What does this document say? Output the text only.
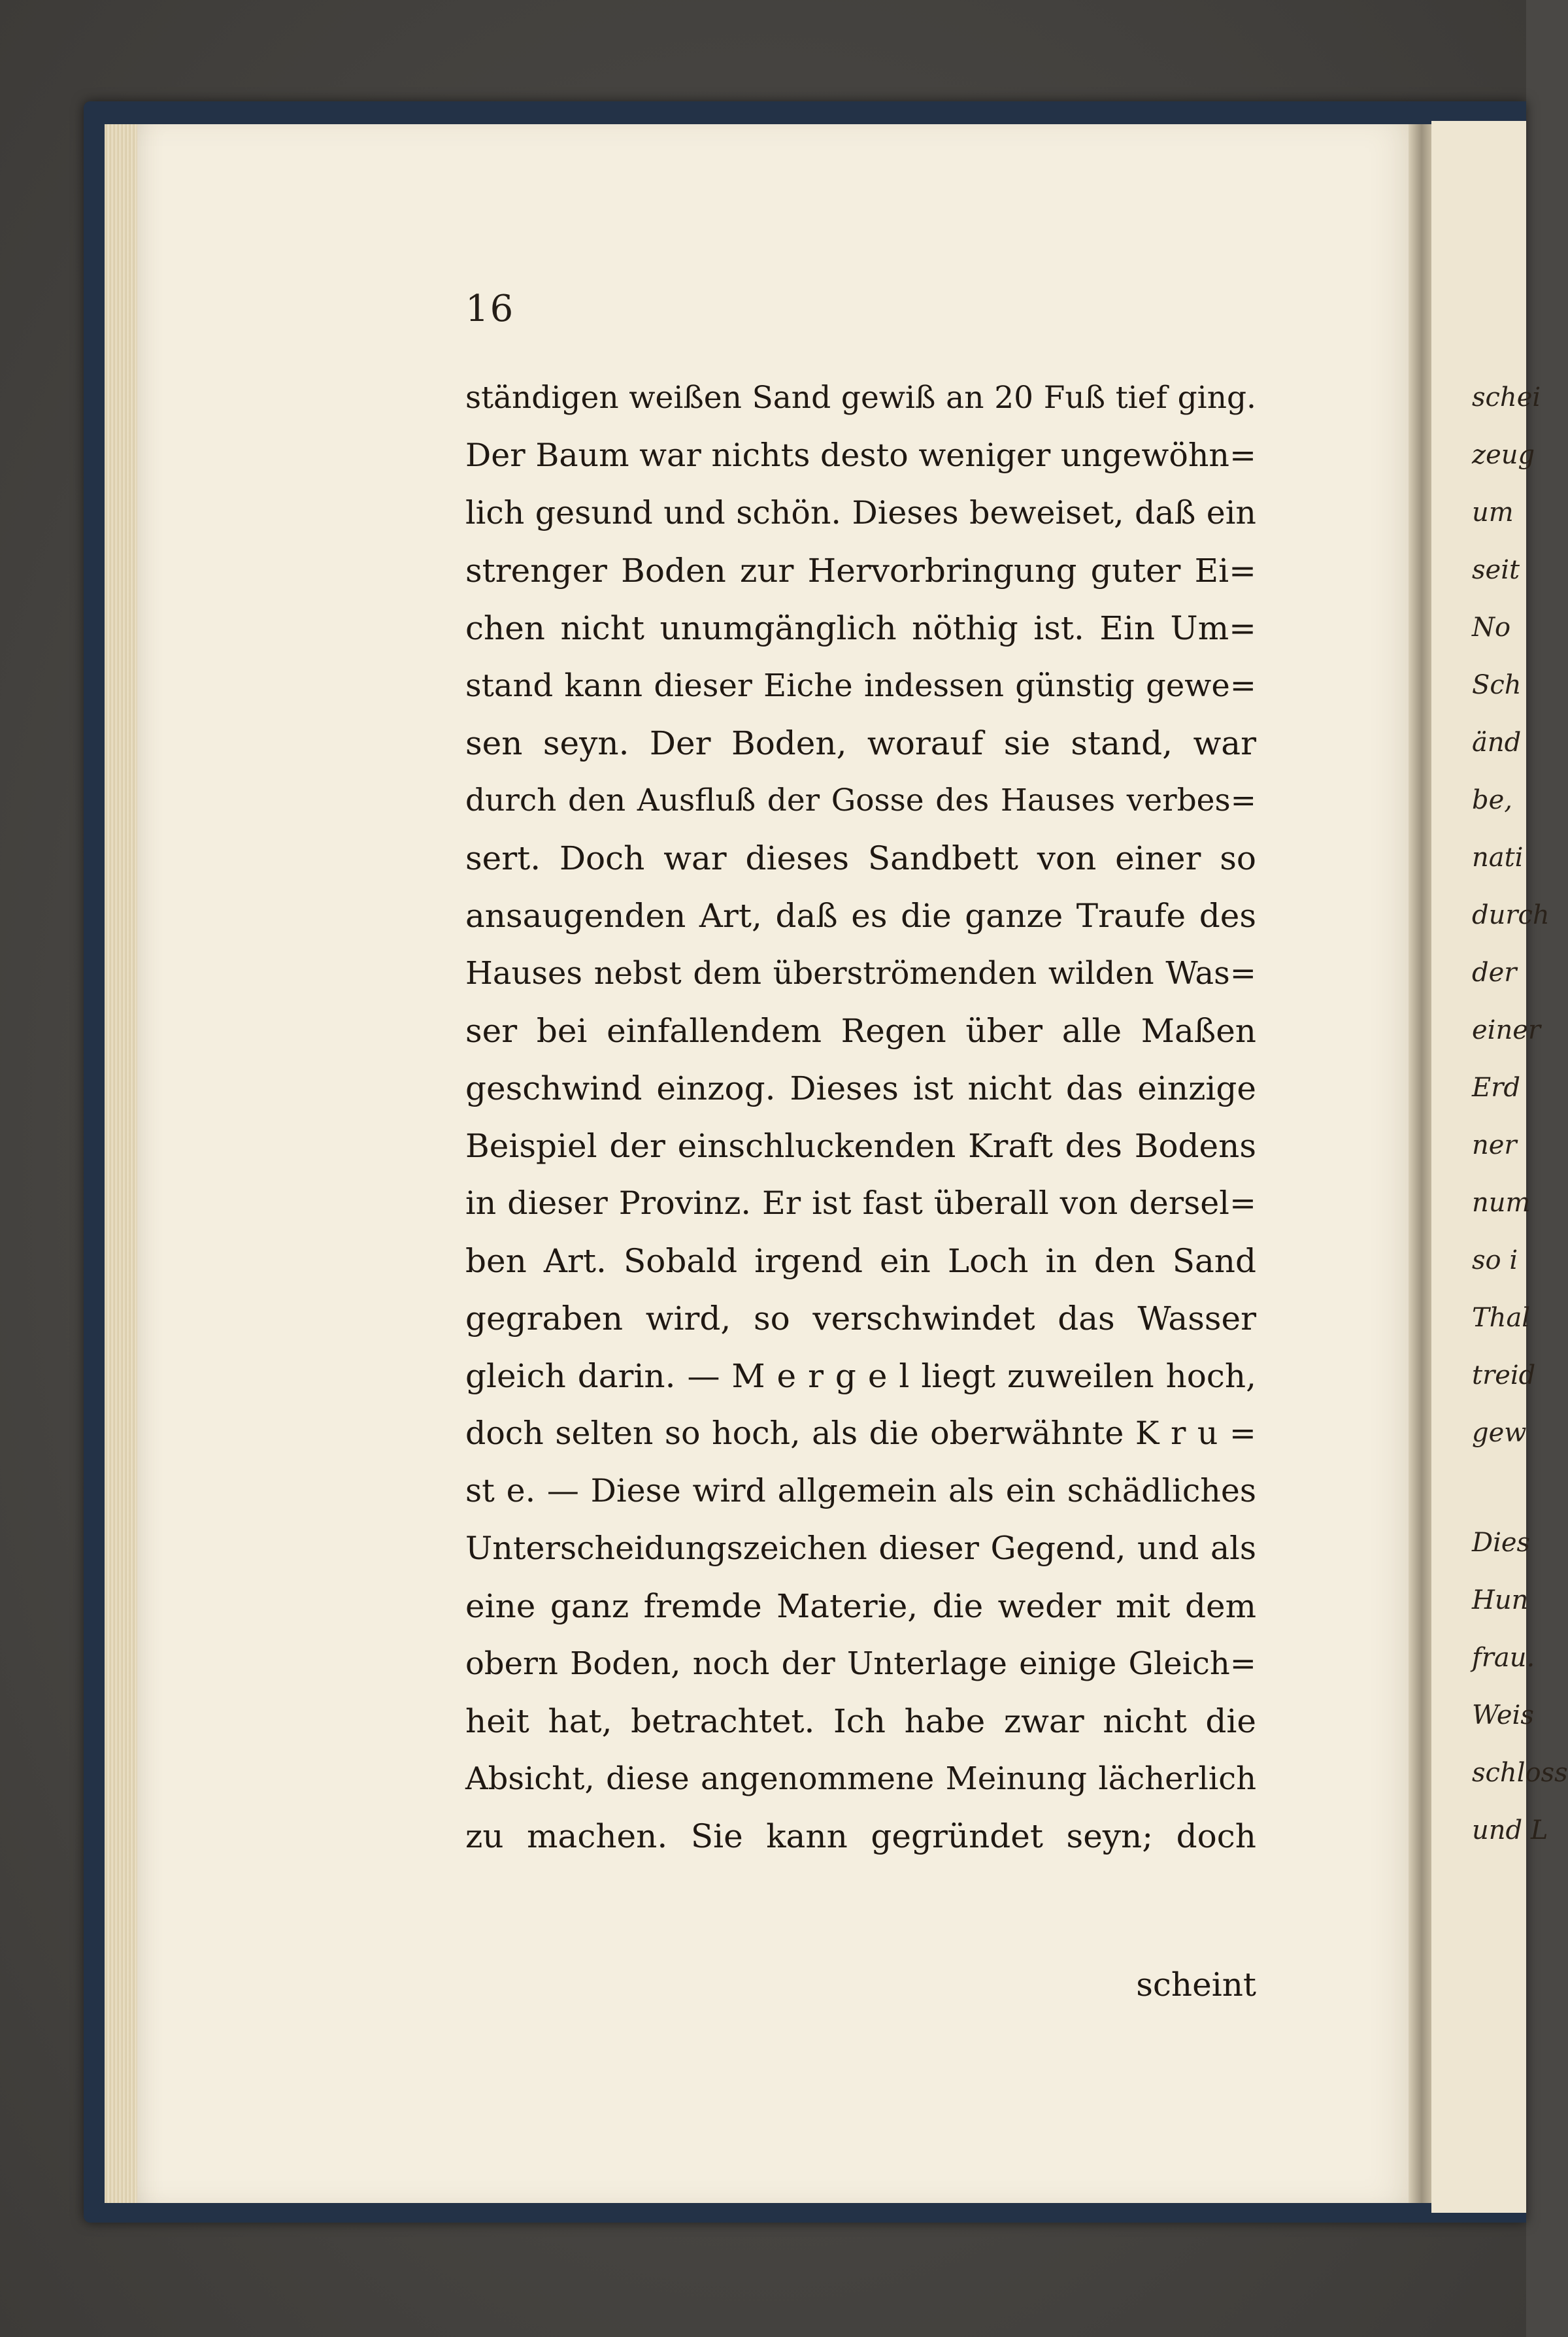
schei
zeug
um
seit
No
Sch
änd
be,
nati
durch
der
einer
Erd
ner
num
so i
Thal
treid
gew
Dies
Hun
frau.
Weis
schloss
und L
16
ständigen weißen Sand gewiß an 20 Fuß tief ging.
Der Baum war nichts desto weniger ungewöhn=
lich gesund und schön. Dieses beweiset, daß ein
strenger Boden zur Hervorbringung guter Ei=
chen nicht unumgänglich nöthig ist. Ein Um=
stand kann dieser Eiche indessen günstig gewe=
sen seyn. Der Boden, worauf sie stand, war
durch den Ausfluß der Gosse des Hauses verbes=
sert. Doch war dieses Sandbett von einer so
ansaugenden Art, daß es die ganze Traufe des
Hauses nebst dem überströmenden wilden Was=
ser bei einfallendem Regen über alle Maßen
geschwind einzog. Dieses ist nicht das einzige
Beispiel der einschluckenden Kraft des Bodens
in dieser Provinz. Er ist fast überall von dersel=
ben Art. Sobald irgend ein Loch in den Sand
gegraben wird, so verschwindet das Wasser
gleich darin. — M e r g e l liegt zuweilen hoch,
doch selten so hoch, als die oberwähnte K r u =
st e. — Diese wird allgemein als ein schädliches
Unterscheidungszeichen dieser Gegend, und als
eine ganz fremde Materie, die weder mit dem
obern Boden, noch der Unterlage einige Gleich=
heit hat, betrachtet. Ich habe zwar nicht die
Absicht, diese angenommene Meinung lächerlich
zu machen. Sie kann gegründet seyn; doch
scheint
